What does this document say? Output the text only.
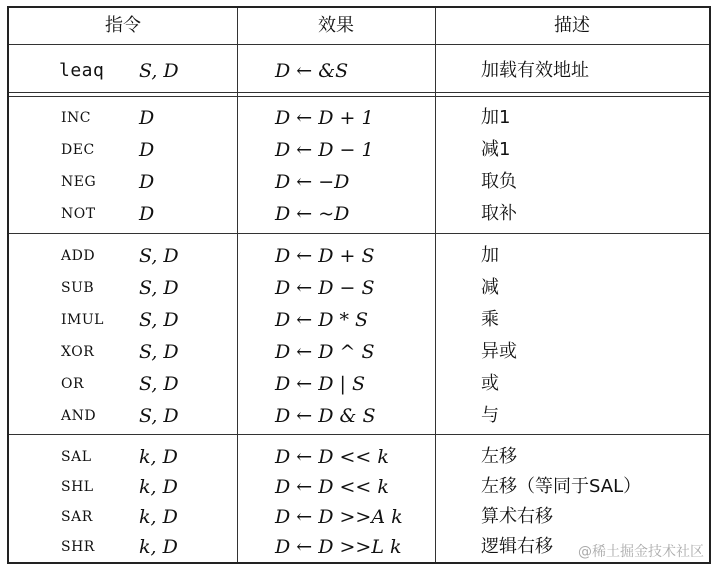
指令	效果	描述
leaq S, D	D ← &S	加载有效地址
INC	D	D ← D + 1	加1
DEC D	D ← D − 1	减1
NEG D	D ← −D	取负
NOT D	D ← ~D	取补
ADD S, D	D ← D + S	加
SUB S, D	D ← D − S	减
IMUL S, D	D ← D * S	乘
XOR S, D	D ← D ^ S	异或
OR	S, D	D ← D | S	或
AND S, D	D ← D & S	与
SAL	k, D	D ← D << k	左移
SHL k, D	D ← D << k	左移（等同于SAL）
SAR k, D	D ← D >>A k	算术右移
SHR k, D	D ← D >>L k	逻辑右移 @稀土掘金技术社区
